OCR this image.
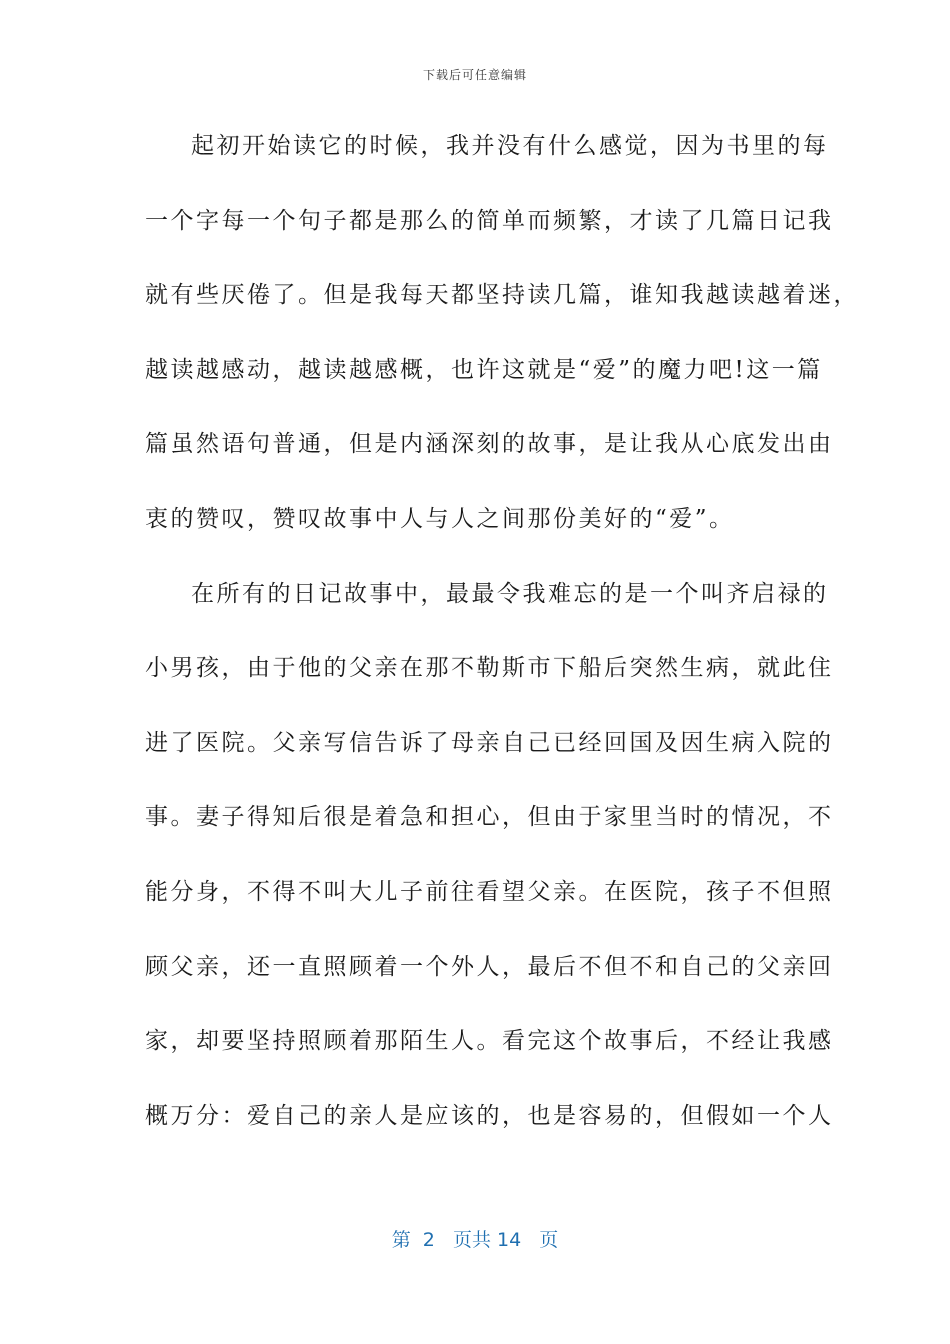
下载后可任意编辑
起初开始读它的时候，我并没有什么感觉，因为书里的每
一个字每一个句子都是那么的简单而频繁，才读了几篇日记我
就有些厌倦了。但是我每天都坚持读几篇，谁知我越读越着迷，
越读越感动，越读越感概，也许这就是“爱”的魔力吧!这一篇
篇虽然语句普通，但是内涵深刻的故事，是让我从心底发出由
衷的赞叹，赞叹故事中人与人之间那份美好的“爱”。
在所有的日记故事中，最最令我难忘的是一个叫齐启禄的
小男孩，由于他的父亲在那不勒斯市下船后突然生病，就此住
进了医院。父亲写信告诉了母亲自己已经回国及因生病入院的
事。妻子得知后很是着急和担心，但由于家里当时的情况，不
能分身，不得不叫大儿子前往看望父亲。在医院，孩子不但照
顾父亲，还一直照顾着一个外人，最后不但不和自己的父亲回
家，却要坚持照顾着那陌生人。看完这个故事后，不经让我感
概万分：爱自己的亲人是应该的，也是容易的，但假如一个人
第  2   页共 14   页
